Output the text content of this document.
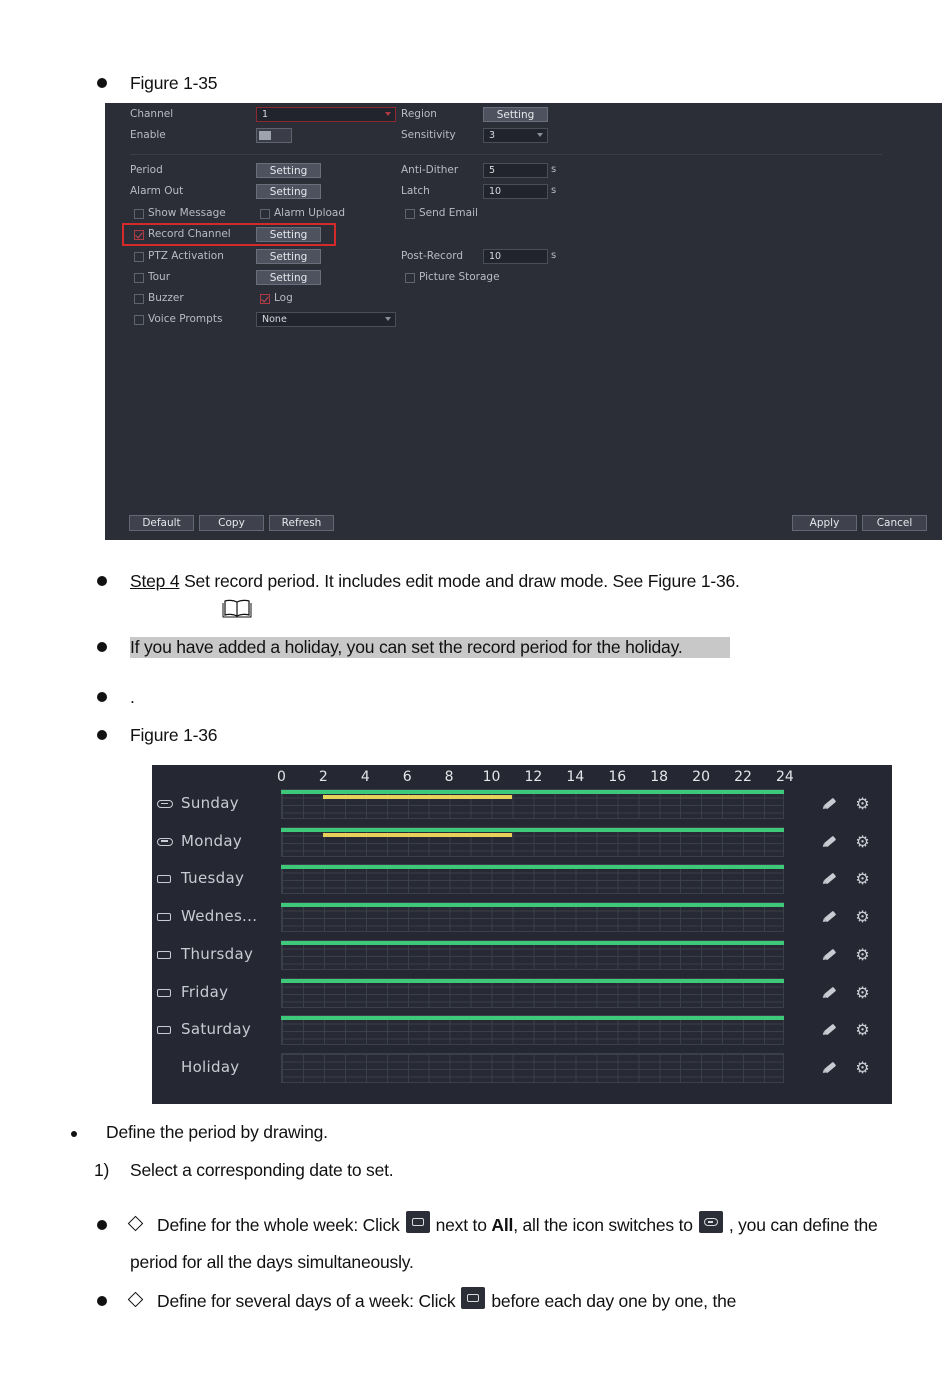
Figure 1-35
Channel	1	Region	Setting
Enable	Sensitivity	3
Period	Setting	Anti-Dither	5	s
Alarm Out	Setting	Latch	10	s
Show Message	Alarm Upload	Send Email
Record Channel	Setting
PTZ Activation	Setting	Post-Record	10	s
Tour	Setting	Picture Storage
Buzzer	Log
Voice Prompts	None
Default	Copy	Refresh	Apply	Cancel
Step 4 Set record period. It includes edit mode and draw mode. See Figure 1-36.
If you have added a holiday, you can set the record period for the holiday.
.
Figure 1-36
0 2 4 6 8 10 12 14 16 18 20 22 24
Sunday	⚙
Monday	⚙
Tuesday	⚙
Wednes...	⚙
Thursday	⚙
Friday	⚙
Saturday	⚙
Holiday	⚙
Define the period by drawing.
1) Select a corresponding date to set.
Define for the whole week: Click next to All, all the icon switches to , you can define the
period for all the days simultaneously.
Define for several days of a week: Click before each day one by one, the
